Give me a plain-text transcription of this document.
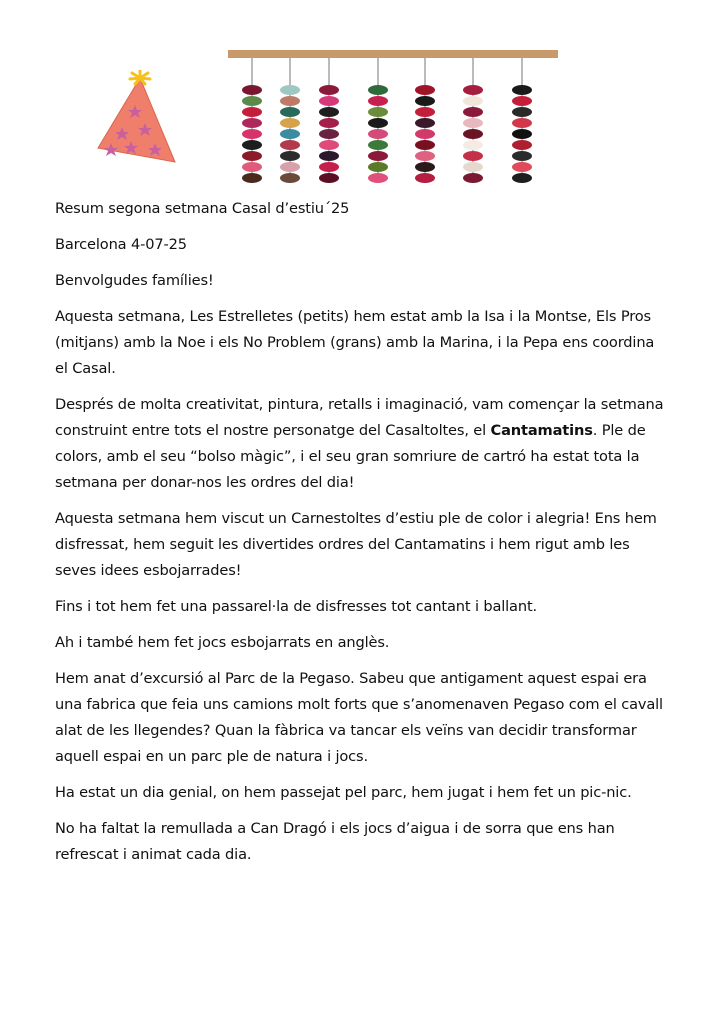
Resum segona setmana Casal d’estiu´25

Barcelona 4-07-25

Benvolgudes famílies!

Aquesta setmana, Les Estrelletes (petits) hem estat amb la Isa i la Montse, Els Pros (mitjans) amb la Noe i els No Problem (grans) amb la Marina, i la Pepa ens coordina el Casal.

Després de molta creativitat, pintura, retalls i imaginació, vam començar la setmana construint entre tots el nostre personatge del Casaltoltes, el Cantamatins. Ple de colors, amb el seu “bolso màgic”, i el seu gran somriure de cartró ha estat tota la setmana per donar-nos les ordres del dia!

Aquesta setmana hem viscut un Carnestoltes d’estiu ple de color i alegria! Ens hem disfressat, hem seguit les divertides ordres del Cantamatins i hem rigut amb les seves idees esbojarrades!

Fins i tot hem fet una passarel·la de disfresses tot cantant i ballant.

Ah i també hem fet jocs esbojarrats en anglès.

Hem anat d’excursió al Parc de la Pegaso. Sabeu que antigament aquest espai era una fabrica que feia uns camions molt forts que s’anomenaven Pegaso com el cavall alat de les llegendes? Quan la fàbrica va tancar els veïns van decidir transformar aquell espai en un parc ple de natura i jocs.

Ha estat un dia genial, on hem passejat pel parc, hem jugat i hem fet un pic-nic.

No ha faltat la remullada a Can Dragó i els jocs d’aigua i de sorra que ens han refrescat i animat cada dia.
